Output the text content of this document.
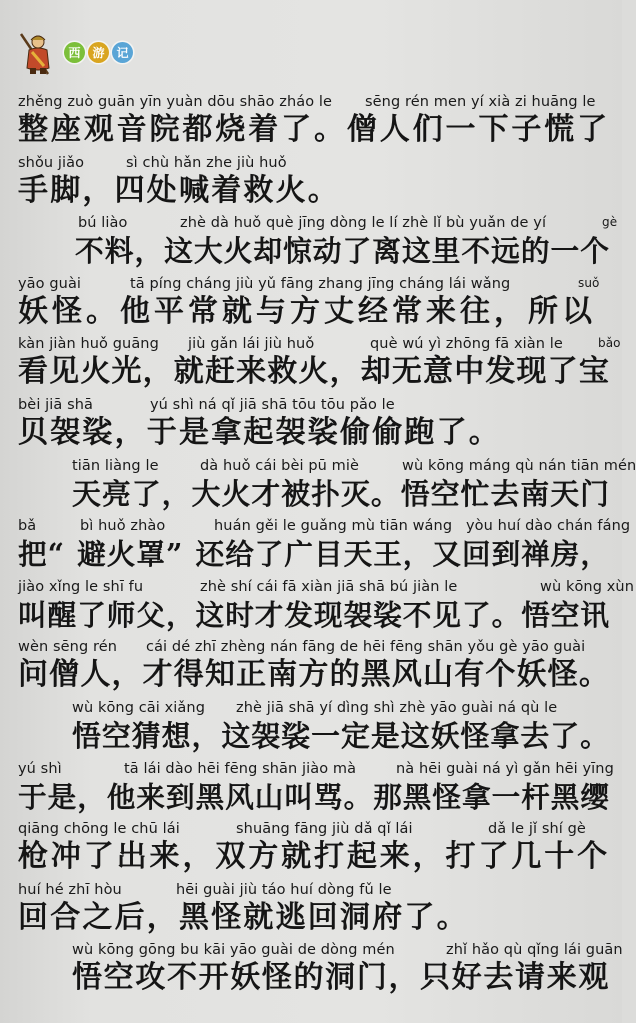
西 游 记
zhěng zuò guān yīn yuàn dōu shāo zháo le sēng rén men yí xià zi huāng le
整 座 观 音 院 都 烧 着 了 。 僧 人 们 一 下 子 慌 了
shǒu jiǎo	sì chù hǎn zhe jiù huǒ
手 脚 ， 四 处 喊 着 救 火 。
bú liào	zhè dà huǒ què jīng dòng le lí zhè lǐ bù yuǎn de yí	gè
不 料 ， 这 大 火 却 惊 动 了 离 这 里 不 远 的 一 个
yāo guài	tā píng cháng jiù yǔ fāng zhang jīng cháng lái wǎng	suǒ
妖 怪 。 他 平 常 就 与 方 丈 经 常 来 往 ， 所 以
kàn jiàn huǒ guāng jiù gǎn lái jiù huǒ	què wú yì zhōng fā xiàn le	bǎo
看 见 火 光 ， 就 赶 来 救 火 ， 却 无 意 中 发 现 了 宝
bèi jiā shā	yú shì ná qǐ jiā shā tōu tōu pǎo le
贝 袈 裟 ， 于 是 拿 起 袈 裟 偷 偷 跑 了 。
tiān liàng le	dà huǒ cái bèi pū miè	wù kōng máng qù nán tiān mén
天 亮 了 ， 大 火 才 被 扑 灭 。 悟 空 忙 去 南 天 门
bǎ	bì huǒ zhào	huán gěi le guǎng mù tiān wáng yòu huí dào chán fáng
把 “ 避 火 罩 ” 还 给 了 广 目 天 王 ， 又 回 到 禅 房 ，
jiào xǐng le shī fu	zhè shí cái fā xiàn jiā shā bú jiàn le	wù kōng xùn
叫 醒 了 师 父 ， 这 时 才 发 现 袈 裟 不 见 了 。 悟 空 讯
wèn sēng rén cái dé zhī zhèng nán fāng de hēi fēng shān yǒu gè yāo guài
问 僧 人 ， 才 得 知 正 南 方 的 黑 风 山 有 个 妖 怪 。
wù kōng cāi xiǎng zhè jiā shā yí dìng shì zhè yāo guài ná qù le
悟 空 猜 想 ， 这 袈 裟 一 定 是 这 妖 怪 拿 去 了 。
yú shì	tā lái dào hēi fēng shān jiào mà	nà hēi guài ná yì gǎn hēi yīng
于 是 ， 他 来 到 黑 风 山 叫 骂 。 那 黑 怪 拿 一 杆 黑 缨
qiāng chōng le chū lái	shuāng fāng jiù dǎ qǐ lái	dǎ le jǐ shí gè
枪 冲 了 出 来 ， 双 方 就 打 起 来 ， 打 了 几 十 个
huí hé zhī hòu	hēi guài jiù táo huí dòng fǔ le
回 合 之 后 ， 黑 怪 就 逃 回 洞 府 了 。
wù kōng gōng bu kāi yāo guài de dòng mén	zhǐ hǎo qù qǐng lái guān
悟 空 攻 不 开 妖 怪 的 洞 门 ， 只 好 去 请 来 观
